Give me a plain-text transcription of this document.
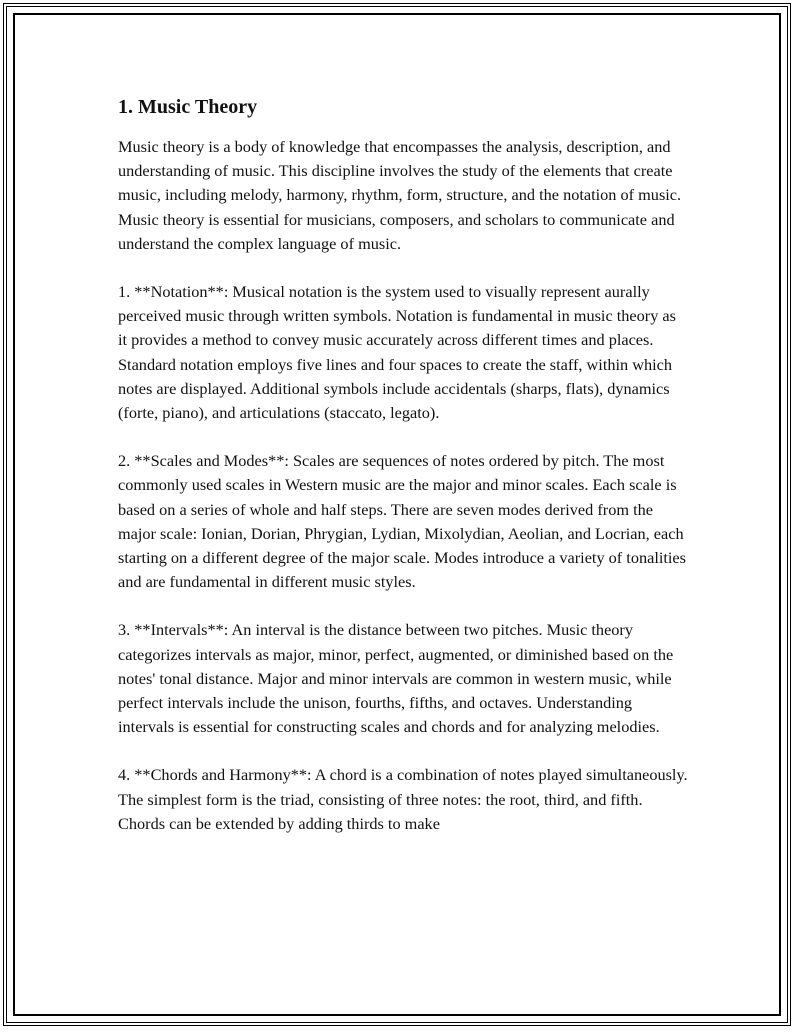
1. Music Theory

Music theory is a body of knowledge that encompasses the analysis, description, and understanding of music. This discipline involves the study of the elements that create music, including melody, harmony, rhythm, form, structure, and the notation of music. Music theory is essential for musicians, composers, and scholars to communicate and understand the complex language of music.

1. **Notation**: Musical notation is the system used to visually represent aurally perceived music through written symbols. Notation is fundamental in music theory as it provides a method to convey music accurately across different times and places. Standard notation employs five lines and four spaces to create the staff, within which notes are displayed. Additional symbols include accidentals (sharps, flats), dynamics (forte, piano), and articulations (staccato, legato).

2. **Scales and Modes**: Scales are sequences of notes ordered by pitch. The most commonly used scales in Western music are the major and minor scales. Each scale is based on a series of whole and half steps. There are seven modes derived from the major scale: Ionian, Dorian, Phrygian, Lydian, Mixolydian, Aeolian, and Locrian, each starting on a different degree of the major scale. Modes introduce a variety of tonalities and are fundamental in different music styles.

3. **Intervals**: An interval is the distance between two pitches. Music theory categorizes intervals as major, minor, perfect, augmented, or diminished based on the notes' tonal distance. Major and minor intervals are common in western music, while perfect intervals include the unison, fourths, fifths, and octaves. Understanding intervals is essential for constructing scales and chords and for analyzing melodies.

4. **Chords and Harmony**: A chord is a combination of notes played simultaneously. The simplest form is the triad, consisting of three notes: the root, third, and fifth. Chords can be extended by adding thirds to make
